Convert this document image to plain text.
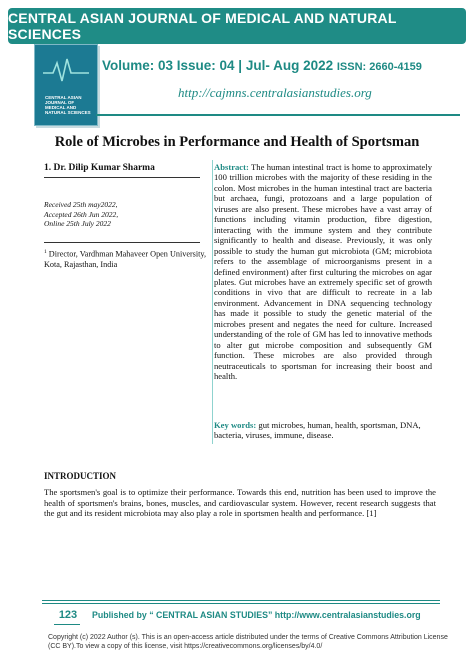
CENTRAL ASIAN JOURNAL OF MEDICAL AND NATURAL SCIENCES
CENTRAL ASIAN JOURNAL OF MEDICAL AND NATURAL SCIENCES
Volume: 03 Issue: 04 | Jul- Aug 2022 ISSN: 2660-4159
http://cajmns.centralasianstudies.org
Role of Microbes in Performance and Health of Sportsman
1. Dr. Dilip Kumar Sharma
Received 25th may2022,
Accepted 26th Jun 2022,
Online 25th July 2022
$^1$ Director, Vardhman Mahaveer Open University, Kota, Rajasthan, India
Abstract: The human intestinal tract is home to approximately 100 trillion microbes with the majority of these residing in the colon. Most microbes in the human intestinal tract are bacteria but archaea, fungi, protozoans and a large population of viruses are also present. These microbes have a vast array of functions including vitamin production, fibre digestion, interacting with the immune system and they contribute significantly to health and disease. Previously, it was only possible to study the human gut microbiota (GM; microbiota refers to the assemblage of microorganisms present in a defined environment) after first culturing the microbes on agar plates. Gut microbes have an extremely specific set of growth conditions in vivo that are difficult to recreate in a lab environment. Advancement in DNA sequencing technology has made it possible to study the genetic material of the microbes present and negates the need for culture. Increased understanding of the role of GM has led to innovative methods to alter gut microbe composition and subsequently GM function. These microbes are also provided through neutraceuticals to sportsman for increasing their boost and health.
Key words: gut microbes, human, health, sportsman, DNA, bacteria, viruses, immune, disease.
INTRODUCTION
The sportsmen's goal is to optimize their performance. Towards this end, nutrition has been used to improve the health of sportsmen's brains, bones, muscles, and cardiovascular system. However, recent research suggests that the gut and its resident microbiota may also play a role in sportsmen health and performance. [1]
123	Published by “ CENTRAL ASIAN STUDIES” http://www.centralasianstudies.org
Copyright (c) 2022 Author (s). This is an open-access article distributed under the terms of Creative Commons Attribution License (CC BY).To view a copy of this license, visit https://creativecommons.org/licenses/by/4.0/
